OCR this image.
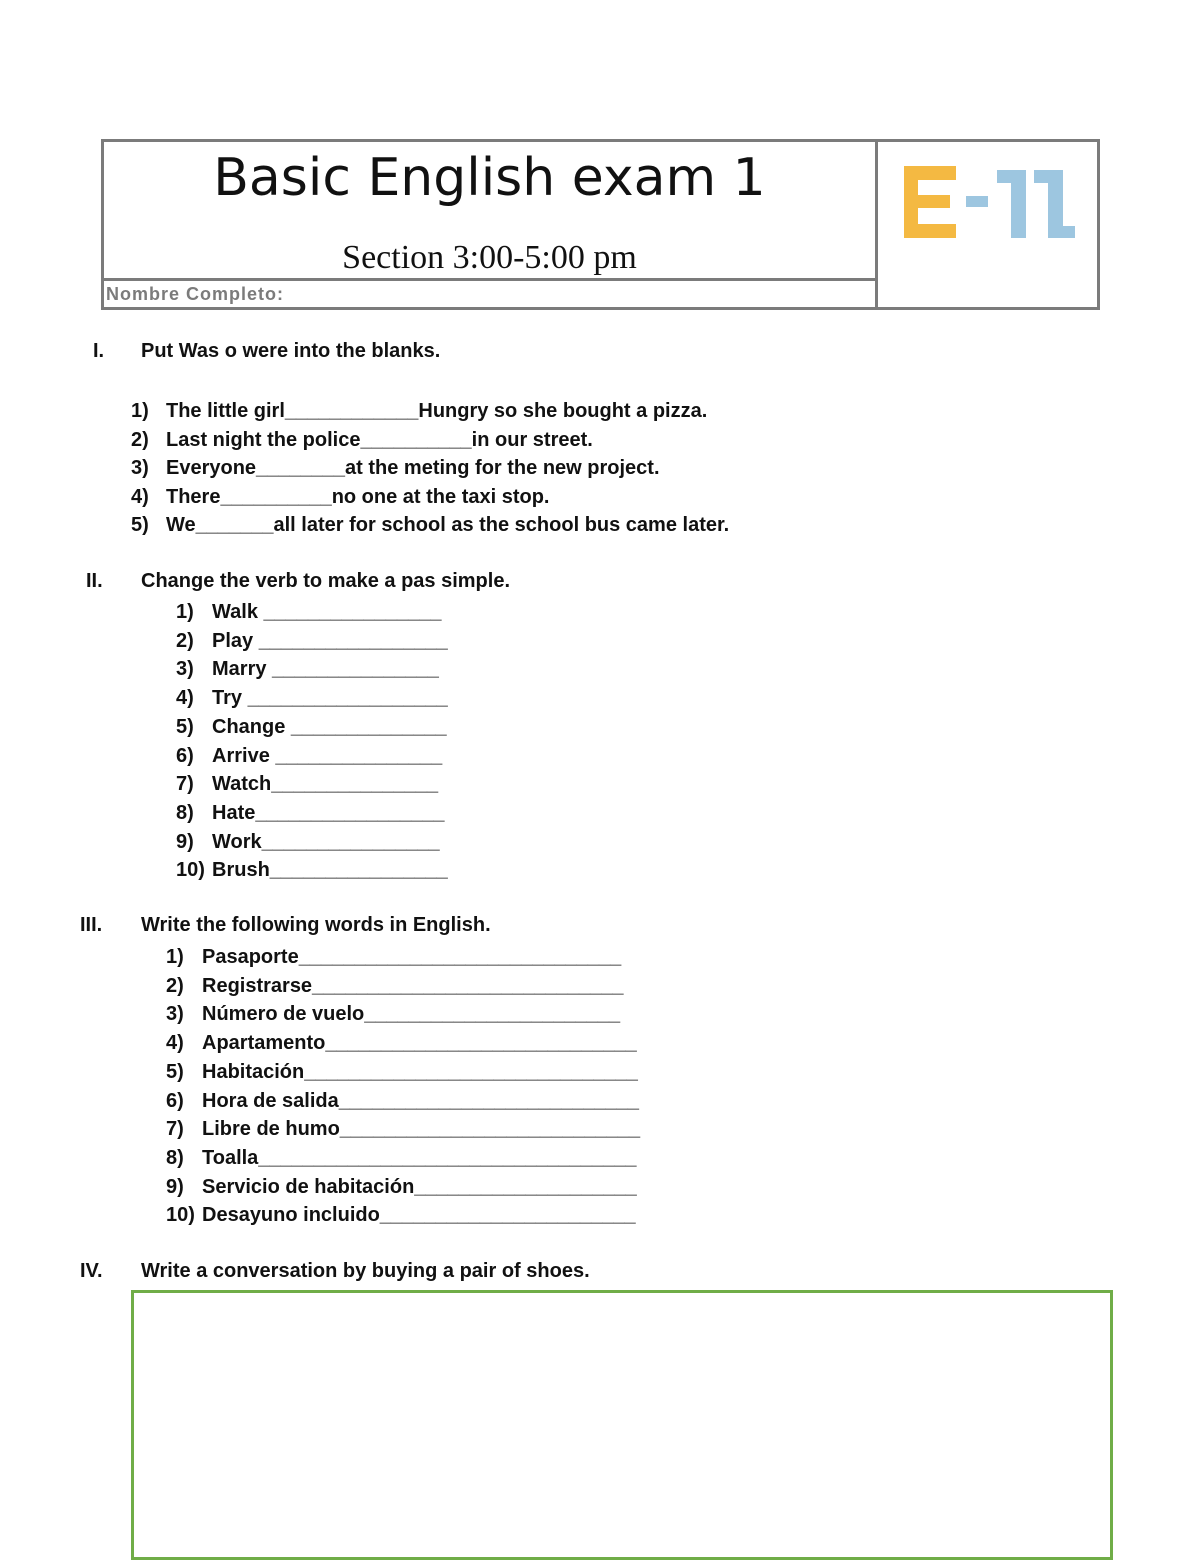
Basic English exam 1
Section 3:00-5:00 pm
Nombre Completo:
I. Put Was o were into the blanks.
1) The little girl____________Hungry so she bought a pizza.
2) Last night the police__________in our street.
3) Everyone________at the meting for the new project.
4) There__________no one at the taxi stop.
5) We_______all later for school as the school bus came later.
II. Change the verb to make a pas simple.
1) Walk ________________
2) Play _________________
3) Marry _______________
4) Try __________________
5) Change ______________
6) Arrive _______________
7) Watch_______________
8) Hate_________________
9) Work________________
10) Brush________________
III. Write the following words in English.
1) Pasaporte_____________________________
2) Registrarse____________________________
3) Número de vuelo_______________________
4) Apartamento____________________________
5) Habitación______________________________
6) Hora de salida___________________________
7) Libre de humo___________________________
8) Toalla__________________________________
9) Servicio de habitación____________________
10) Desayuno incluido_______________________
IV. Write a conversation by buying a pair of shoes.
